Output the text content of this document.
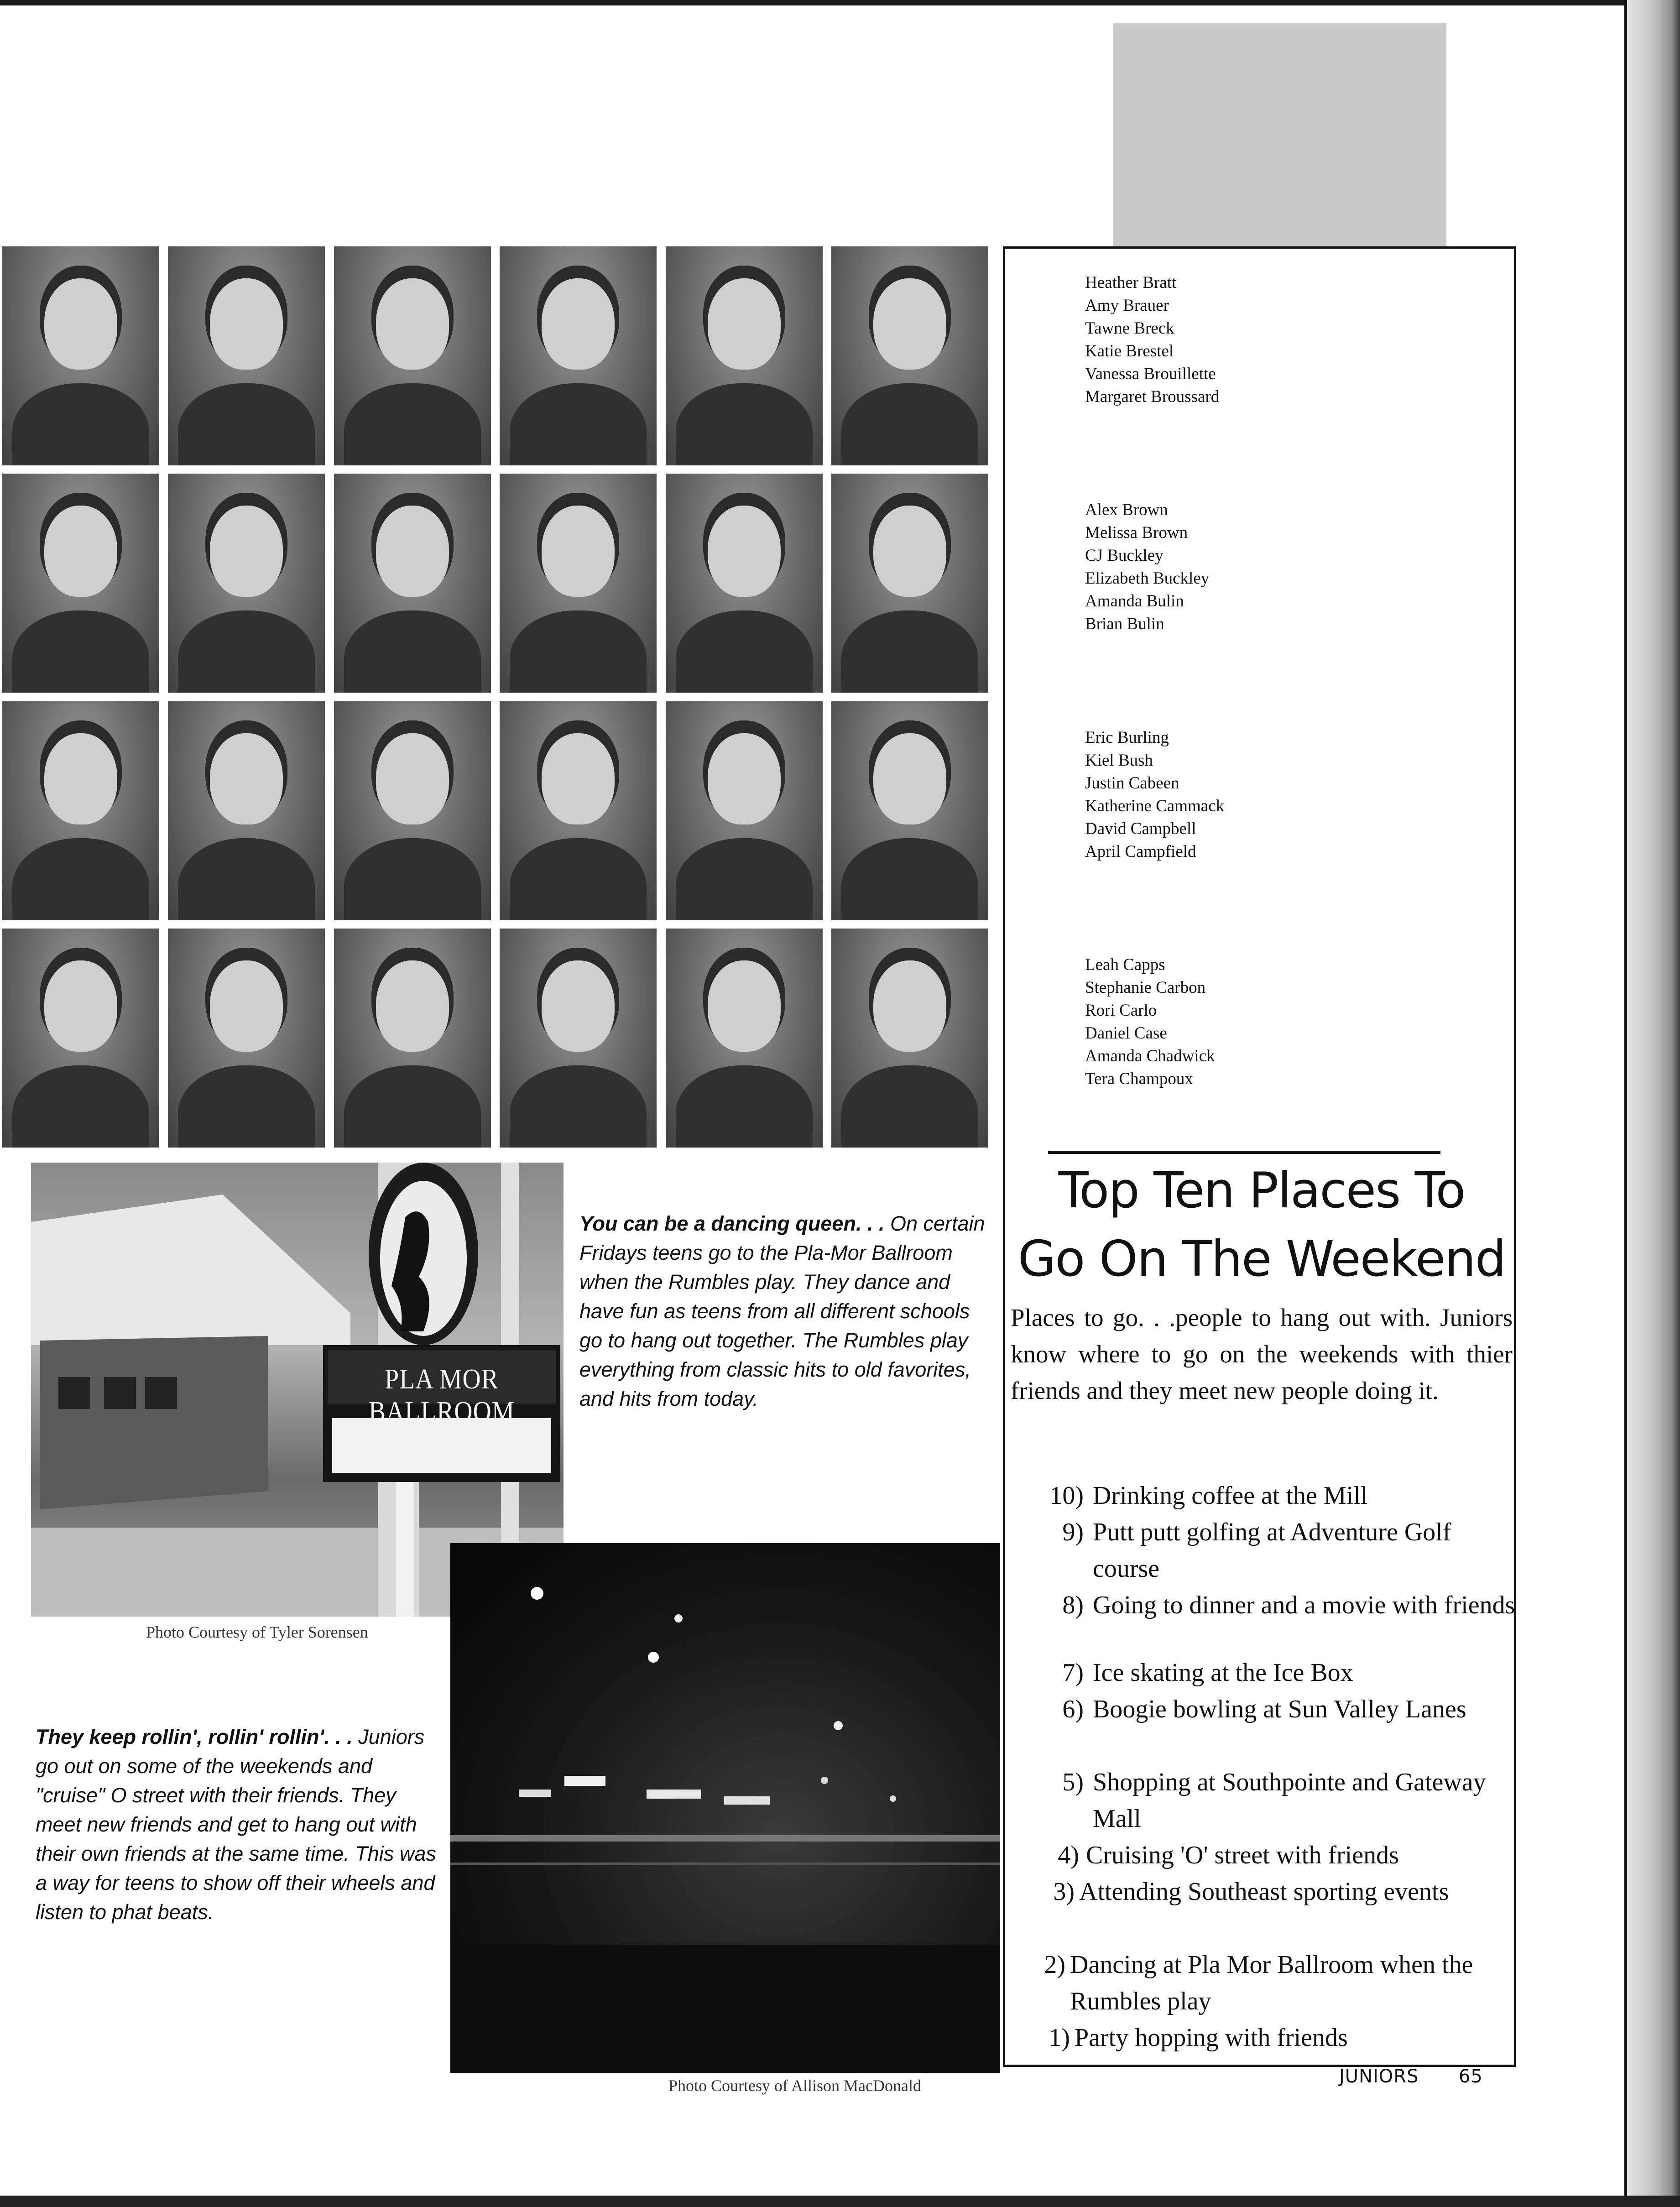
Heather Bratt
Amy Brauer
Tawne Breck
Katie Brestel
Vanessa Brouillette
Margaret Broussard
Alex Brown
Melissa Brown
CJ Buckley
Elizabeth Buckley
Amanda Bulin
Brian Bulin
Eric Burling
Kiel Bush
Justin Cabeen
Katherine Cammack
David Campbell
April Campfield
Leah Capps
Stephanie Carbon
Rori Carlo
Daniel Case
Amanda Chadwick
Tera Champoux
PLA MOR BALLROOM
Photo Courtesy of Tyler Sorensen
You can be a dancing queen. . . On certain Fridays teens go to the Pla-Mor Ballroom when the Rumbles play. They dance and have fun as teens from all different schools go to hang out together. The Rumbles play everything from classic hits to old favorites, and hits from today.
Photo Courtesy of Allison MacDonald
They keep rollin', rollin' rollin'. . . Juniors go out on some of the weekends and "cruise" O street with their friends. They meet new friends and get to hang out with their own friends at the same time. This was a way for teens to show off their wheels and listen to phat beats.
Top Ten Places To
Go On The Weekend
Places to go. . .people to hang out with. Juniors know where to go on the weekends with thier friends and they meet new people doing it.
10) Drinking coffee at the Mill
9) Putt putt golfing at Adventure Golf course
8) Going to dinner and a movie with friends
7) Ice skating at the Ice Box
6) Boogie bowling at Sun Valley Lanes
5) Shopping at Southpointe and Gateway Mall
4) Cruising 'O' street with friends
3) Attending Southeast sporting events
2) Dancing at Pla Mor Ballroom when the Rumbles play
1) Party hopping with friends
JUNIORS 65
